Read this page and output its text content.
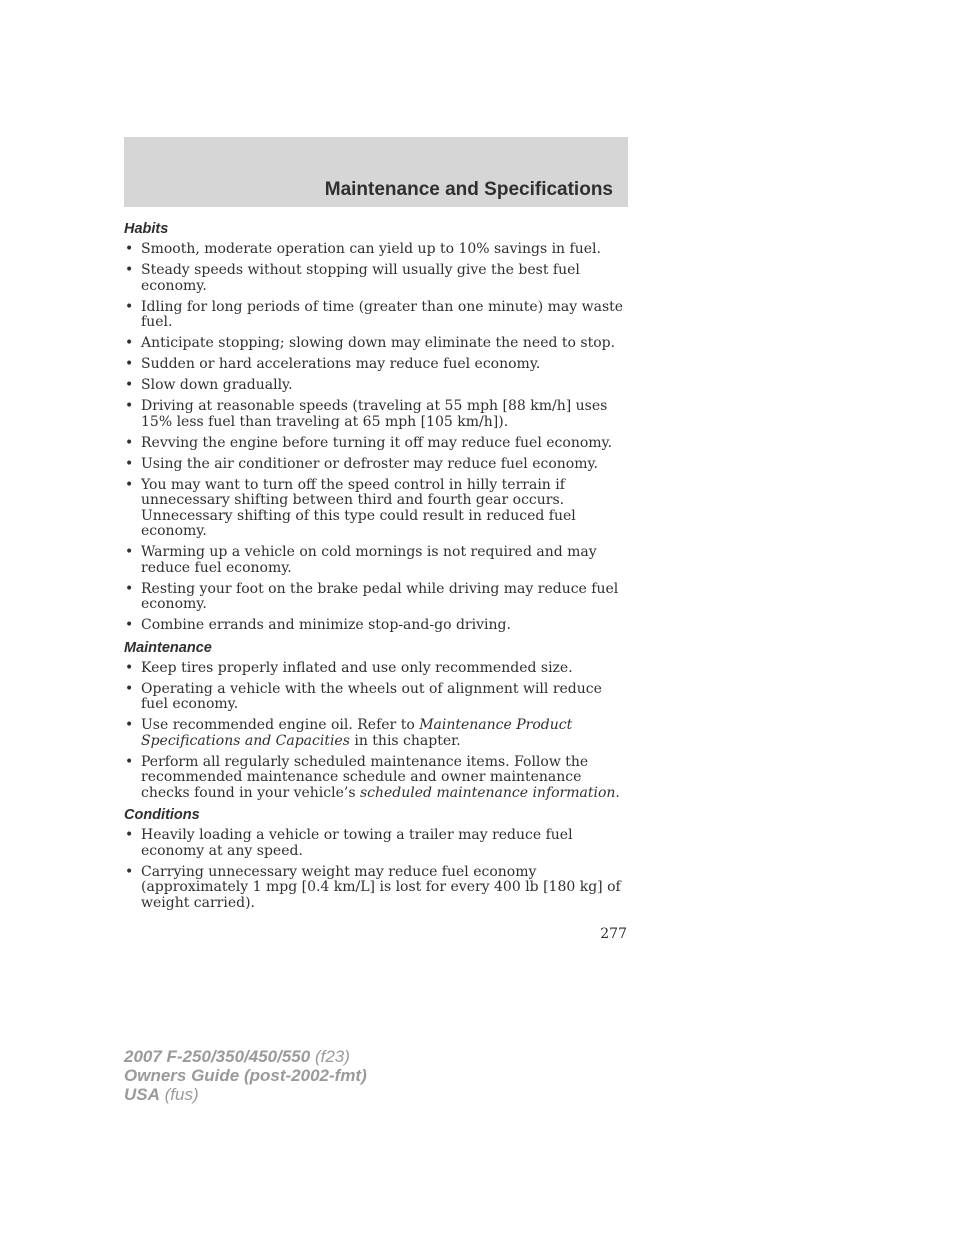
Maintenance and Specifications
Habits
• Smooth, moderate operation can yield up to 10% savings in fuel.
• Steady speeds without stopping will usually give the best fuel economy.
• Idling for long periods of time (greater than one minute) may waste fuel.
• Anticipate stopping; slowing down may eliminate the need to stop.
• Sudden or hard accelerations may reduce fuel economy.
• Slow down gradually.
• Driving at reasonable speeds (traveling at 55 mph [88 km/h] uses 15% less fuel than traveling at 65 mph [105 km/h]).
• Revving the engine before turning it off may reduce fuel economy.
• Using the air conditioner or defroster may reduce fuel economy.
• You may want to turn off the speed control in hilly terrain if unnecessary shifting between third and fourth gear occurs. Unnecessary shifting of this type could result in reduced fuel economy.
• Warming up a vehicle on cold mornings is not required and may reduce fuel economy.
• Resting your foot on the brake pedal while driving may reduce fuel economy.
• Combine errands and minimize stop-and-go driving.
Maintenance
• Keep tires properly inflated and use only recommended size.
• Operating a vehicle with the wheels out of alignment will reduce fuel economy.
• Use recommended engine oil. Refer to Maintenance Product Specifications and Capacities in this chapter.
• Perform all regularly scheduled maintenance items. Follow the recommended maintenance schedule and owner maintenance checks found in your vehicle’s scheduled maintenance information.
Conditions
• Heavily loading a vehicle or towing a trailer may reduce fuel economy at any speed.
• Carrying unnecessary weight may reduce fuel economy (approximately 1 mpg [0.4 km/L] is lost for every 400 lb [180 kg] of weight carried).
277
2007 F-250/350/450/550 (f23)
Owners Guide (post-2002-fmt)
USA (fus)
